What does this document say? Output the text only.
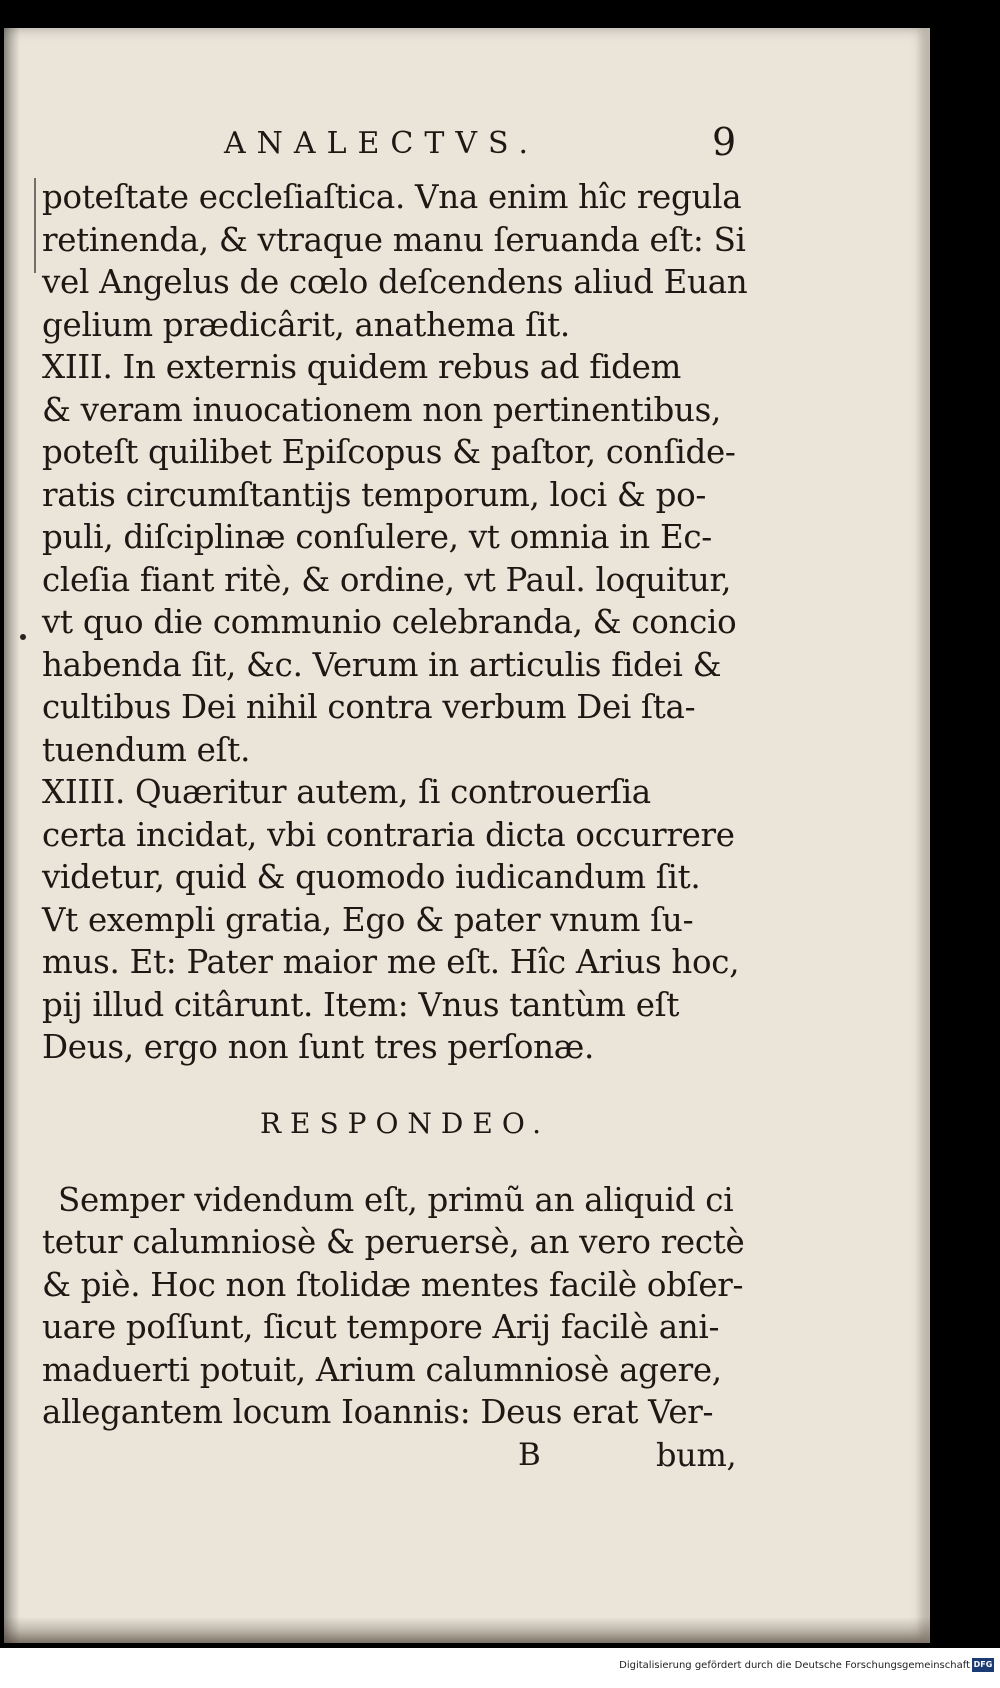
ANALECTVS.	9
poteſtate eccleſiaſtica. Vna enim hîc regula
retinenda, & vtraque manu ſeruanda eſt: Si
vel Angelus de cœlo deſcendens aliud Euan
gelium prædicârit, anathema ſit.
XIII. In externis quidem rebus ad fidem
& veram inuocationem non pertinentibus,
poteſt quilibet Epiſcopus & paſtor, conſide-
ratis circumſtantijs temporum, loci & po-
puli, diſciplinæ conſulere, vt omnia in Ec-
cleſia fiant ritè, & ordine, vt Paul. loquitur,
vt quo die communio celebranda, & concio
habenda ſit, &c. Verum in articulis fidei &
cultibus Dei nihil contra verbum Dei ſta-
tuendum eſt.
XIIII. Quæritur autem, ſi controuerſia
certa incidat, vbi contraria dicta occurrere
videtur, quid & quomodo iudicandum ſit.
Vt exempli gratia, Ego & pater vnum ſu-
mus. Et: Pater maior me eſt. Hîc Arius hoc,
pij illud citârunt. Item: Vnus tantùm eſt
Deus, ergo non ſunt tres perſonæ.
RESPONDEO.
Semper videndum eſt, primũ an aliquid ci
tetur calumniosè & peruersè, an vero rectè
& piè. Hoc non ſtolidæ mentes facilè obſer-
uare poſſunt, ſicut tempore Arij facilè ani-
maduerti potuit, Arium calumniosè agere,
allegantem locum Ioannis: Deus erat Ver-
B	bum,
Digitalisierung gefördert durch die Deutsche Forschungsgemeinschaft DFG
